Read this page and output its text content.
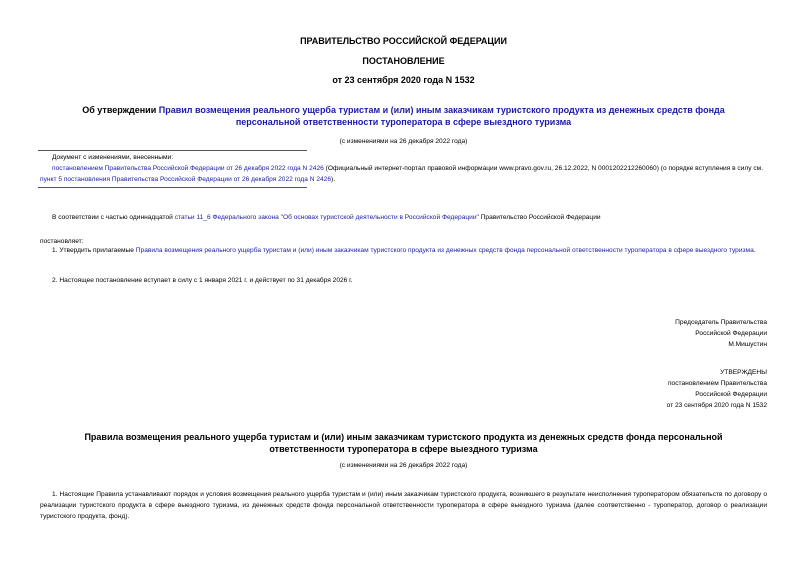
ПРАВИТЕЛЬСТВО РОССИЙСКОЙ ФЕДЕРАЦИИ
ПОСТАНОВЛЕНИЕ
от 23 сентября 2020 года N 1532
Об утверждении Правил возмещения реального ущерба туристам и (или) иным заказчикам туристского продукта из денежных средств фонда персональной ответственности туроператора в сфере выездного туризма
(с изменениями на 26 декабря 2022 года)
Документ с изменениями, внесенными:
постановлением Правительства Российской Федерации от 26 декабря 2022 года N 2426 (Официальный интернет-портал правовой информации www.pravo.gov.ru, 26.12.2022, N 0001202212260060) (о порядке вступления в силу см. пункт 5 постановления Правительства Российской Федерации от 26 декабря 2022 года N 2426).
В соответствии с частью одиннадцатой статьи 11_6 Федерального закона "Об основах туристской деятельности в Российской Федерации" Правительство Российской Федерации
постановляет:
1. Утвердить прилагаемые Правила возмещения реального ущерба туристам и (или) иным заказчикам туристского продукта из денежных средств фонда персональной ответственности туроператора в сфере выездного туризма.
2. Настоящее постановление вступает в силу с 1 января 2021 г. и действует по 31 декабря 2026 г.
Председатель Правительства
Российской Федерации
М.Мишустин
УТВЕРЖДЕНЫ
постановлением Правительства
Российской Федерации
от 23 сентября 2020 года N 1532
Правила возмещения реального ущерба туристам и (или) иным заказчикам туристского продукта из денежных средств фонда персональной ответственности туроператора в сфере выездного туризма
(с изменениями на 26 декабря 2022 года)
1. Настоящие Правила устанавливают порядок и условия возмещения реального ущерба туристам и (или) иным заказчикам туристского продукта, возникшего в результате неисполнения туроператором обязательств по договору о реализации туристского продукта в сфере выездного туризма, из денежных средств фонда персональной ответственности туроператора в сфере выездного туризма (далее соответственно - туроператор, договор о реализации туристского продукта, фонд).
